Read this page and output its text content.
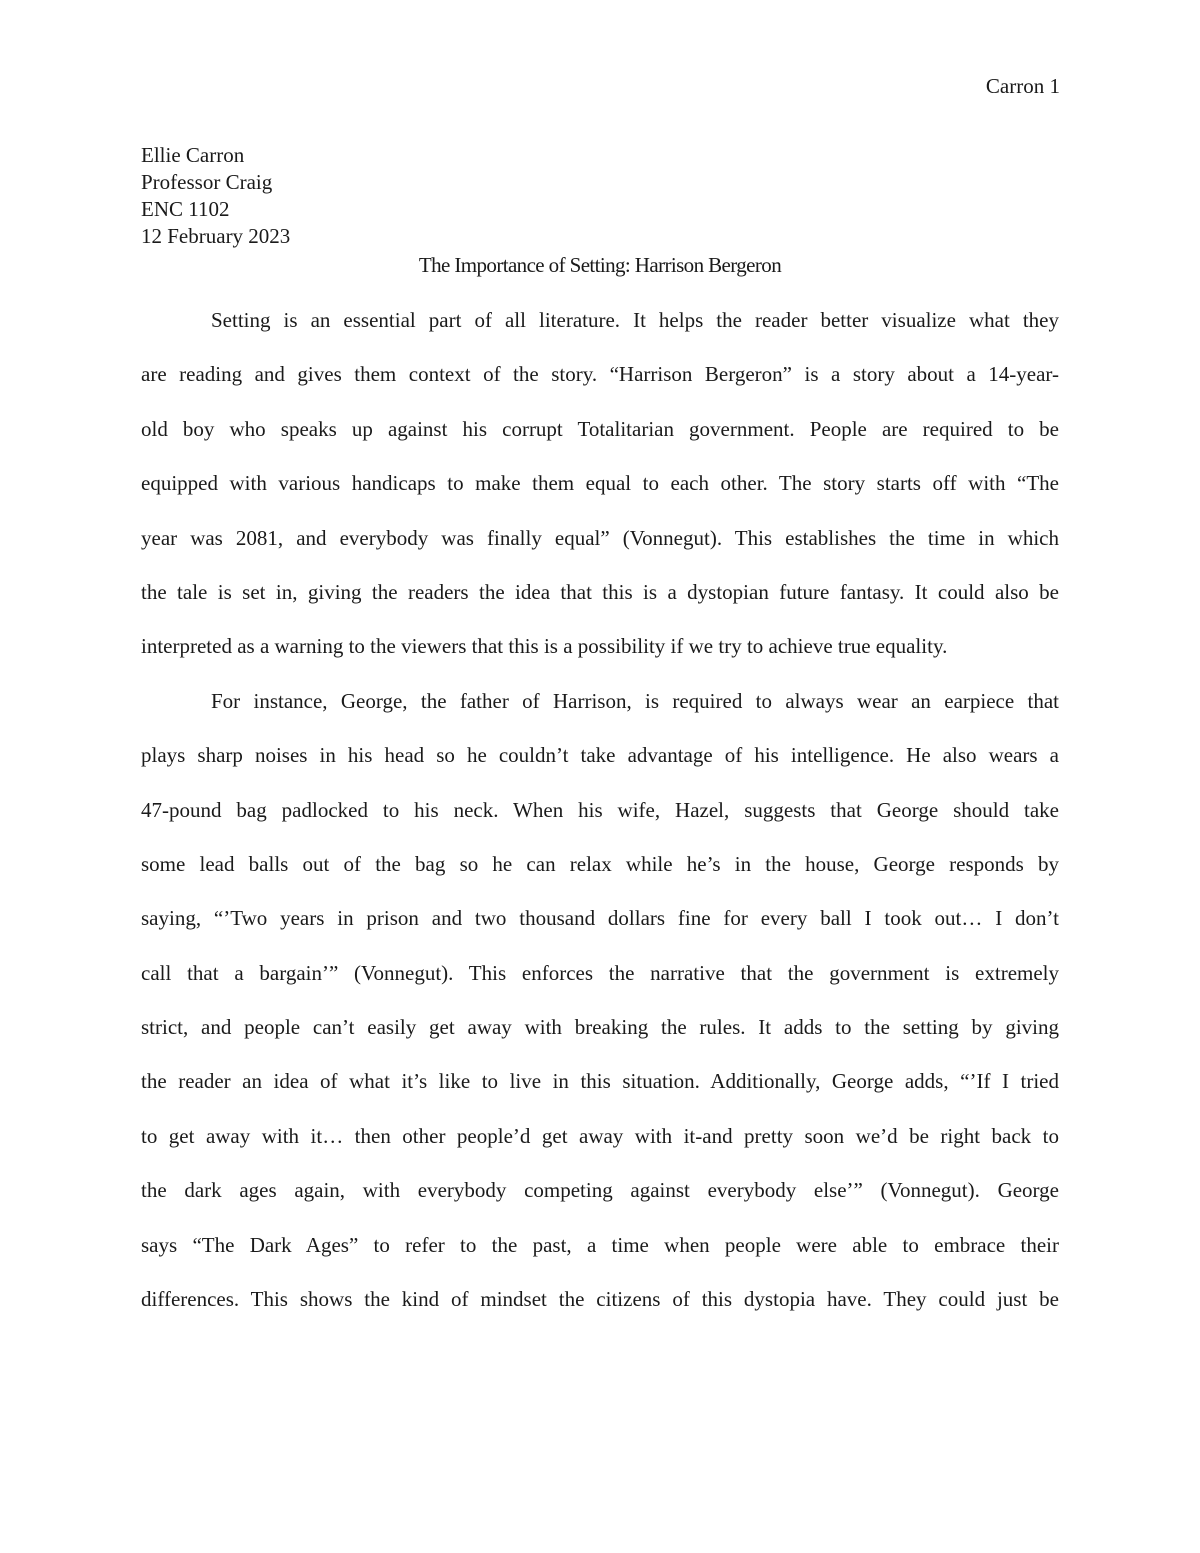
Carron 1
Ellie Carron
Professor Craig
ENC 1102
12 February 2023
The Importance of Setting: Harrison Bergeron
Setting is an essential part of all literature. It helps the reader better visualize what they
are reading and gives them context of the story. “Harrison Bergeron” is a story about a 14-year-
old boy who speaks up against his corrupt Totalitarian government. People are required to be
equipped with various handicaps to make them equal to each other. The story starts off with “The
year was 2081, and everybody was finally equal” (Vonnegut). This establishes the time in which
the tale is set in, giving the readers the idea that this is a dystopian future fantasy. It could also be
interpreted as a warning to the viewers that this is a possibility if we try to achieve true equality.
For instance, George, the father of Harrison, is required to always wear an earpiece that
plays sharp noises in his head so he couldn’t take advantage of his intelligence. He also wears a
47-pound bag padlocked to his neck. When his wife, Hazel, suggests that George should take
some lead balls out of the bag so he can relax while he’s in the house, George responds by
saying, “’Two years in prison and two thousand dollars fine for every ball I took out… I don’t
call that a bargain’” (Vonnegut). This enforces the narrative that the government is extremely
strict, and people can’t easily get away with breaking the rules. It adds to the setting by giving
the reader an idea of what it’s like to live in this situation. Additionally, George adds, “’If I tried
to get away with it… then other people’d get away with it-and pretty soon we’d be right back to
the dark ages again, with everybody competing against everybody else’” (Vonnegut). George
says “The Dark Ages” to refer to the past, a time when people were able to embrace their
differences. This shows the kind of mindset the citizens of this dystopia have. They could just be
